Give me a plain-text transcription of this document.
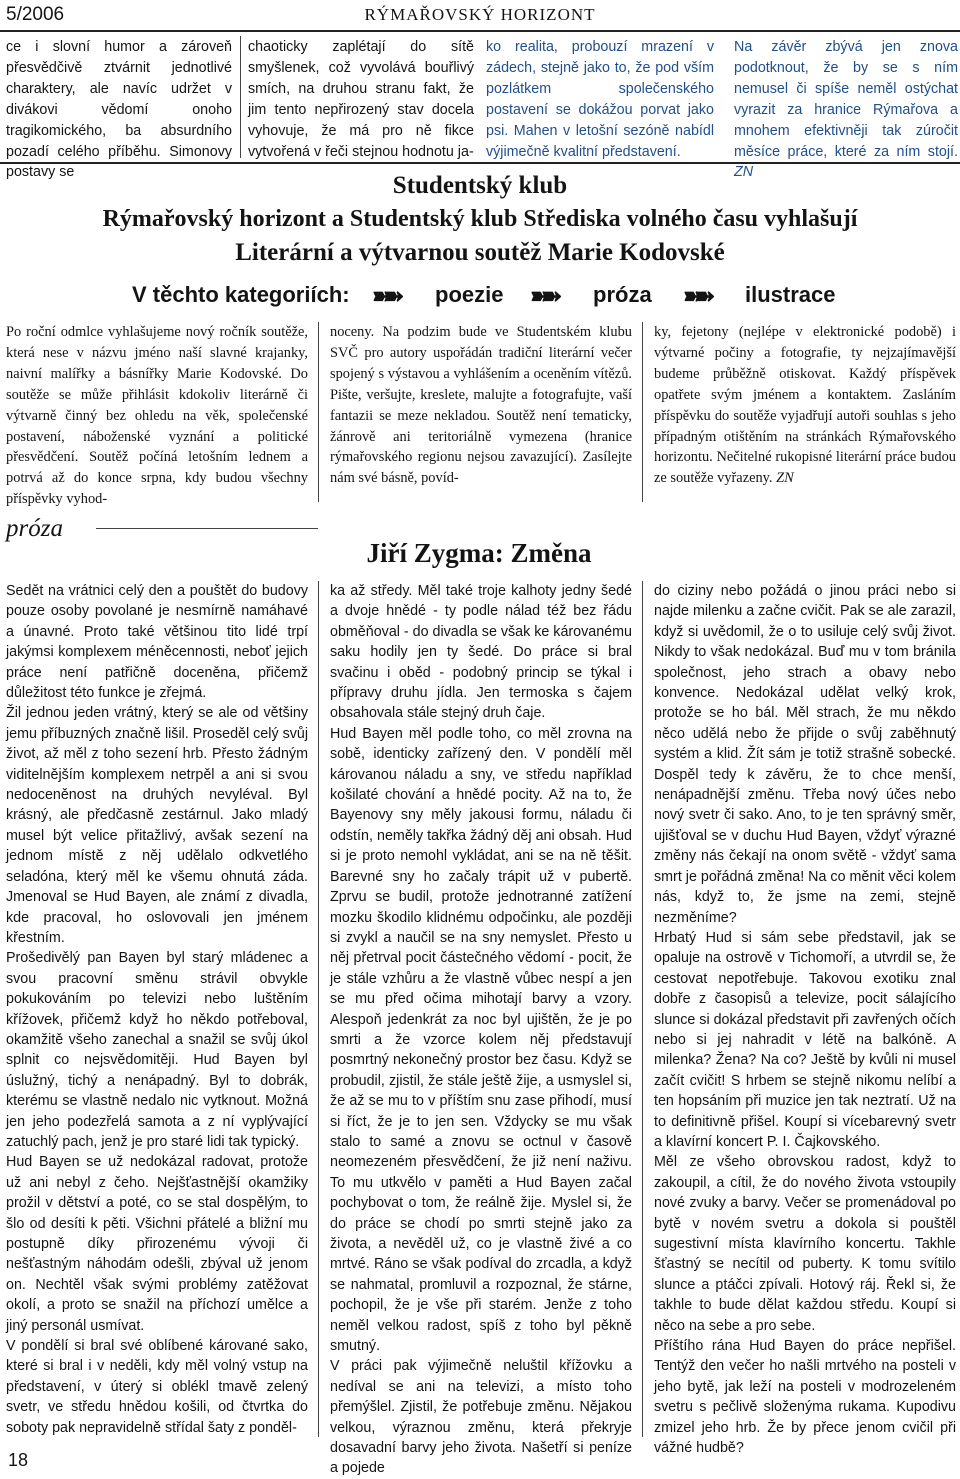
5/2006	RÝMAŘOVSKÝ HORIZONT

ce i slovní humor a zároveň přesvědčivě ztvárnit jednotlivé charaktery, ale navíc udržet v divákovi vědomí onoho tragikomického, ba absurdního pozadí celého příběhu. Simonovy postavy se

chaoticky zaplétají do sítě smyšlenek, což vyvolává bouřlivý smích, na druhou stranu fakt, že jim tento nepřirozený stav docela vyhovuje, že má pro ně fikce vytvořená v řeči stejnou hodnotu ja-

ko realita, probouzí mrazení v zádech, stejně jako to, že pod vším pozlátkem společenského postavení se dokážou porvat jako psi. Mahen v letošní sezóně nabídl výjimečně kvalitní představení.

Na závěr zbývá jen znova podotknout, že by se s ním nemusel či spíše neměl ostýchat vyrazit za hranice Rýmařova a mnohem efektivněji tak zúročit měsíce práce, které za ním stojí. ZN

Studentský klub
Rýmařovský horizont a Studentský klub Střediska volného času vyhlašují
Literární a výtvarnou soutěž Marie Kodovské
V těchto kategoriích: ➽➽ poezie ➽➽ próza ➽➽ ilustrace

Po roční odmlce vyhlašujeme nový ročník soutěže, která nese v názvu jméno naší slavné krajanky, naivní malířky a básnířky Marie Kodovské. Do soutěže se může přihlásit kdokoliv literárně či výtvarně činný bez ohledu na věk, společenské postavení, náboženské vyznání a politické přesvědčení. Soutěž počíná letošním lednem a potrvá až do konce srpna, kdy budou všechny příspěvky vyhod-

noceny. Na podzim bude ve Studentském klubu SVČ pro autory uspořádán tradiční literární večer spojený s výstavou a vyhlášením a oceněním vítězů. Pište, veršujte, kreslete, malujte a fotografujte, vaší fantazii se meze nekladou. Soutěž není tematicky, žánrově ani teritoriálně vymezena (hranice rýmařovského regionu nejsou zavazující). Zasílejte nám své básně, povíd-

ky, fejetony (nejlépe v elektronické podobě) i výtvarné počiny a fotografie, ty nejzajímavější budeme průběžně otiskovat. Každý příspěvek opatřete svým jménem a kontaktem. Zasláním příspěvku do soutěže vyjadřují autoři souhlas s jeho případným otištěním na stránkách Rýmařovského horizontu. Nečitelné rukopisné literární práce budou ze soutěže vyřazeny. ZN

próza
Jiří Zygma: Změna

Sedět na vrátnici celý den a pouštět do budovy pouze osoby povolané je nesmírně namáhavé a únavné. Proto také většinou tito lidé trpí jakýmsi komplexem méněcennosti, neboť jejich práce není patřičně doceněna, přičemž důležitost této funkce je zřejmá.

Žil jednou jeden vrátný, který se ale od většiny jemu příbuzných značně lišil. Proseděl celý svůj život, až měl z toho sezení hrb. Přesto žádným viditelnějším komplexem netrpěl a ani si svou nedoceněnost na druhých nevyléval. Byl krásný, ale předčasně zestárnul. Jako mladý musel být velice přitažlivý, avšak sezení na jednom místě z něj udělalo odkvetlého seladóna, který měl ke všemu ohnutá záda. Jmenoval se Hud Bayen, ale známí z divadla, kde pracoval, ho oslovovali jen jménem křestním.

Prošedivělý pan Bayen byl starý mládenec a svou pracovní směnu strávil obvykle pokukováním po televizi nebo luštěním křížovek, přičemž když ho někdo potřeboval, okamžitě všeho zanechal a snažil se svůj úkol splnit co nejsvědomitěji. Hud Bayen byl úslužný, tichý a nenápadný. Byl to dobrák, kterému se vlastně nedalo nic vytknout. Možná jen jeho podezřelá samota a z ní vyplývající zatuchlý pach, jenž je pro staré lidi tak typický.

Hud Bayen se už nedokázal radovat, protože už ani nebyl z čeho. Nejšťastnější okamžiky prožil v dětství a poté, co se stal dospělým, to šlo od desíti k pěti. Všichni přátelé a bližní mu postupně díky přirozenému vývoji či nešťastným náhodám odešli, zbýval už jenom on. Nechtěl však svými problémy zatěžovat okolí, a proto se snažil na příchozí umělce a jiný personál usmívat.

V pondělí si bral své oblíbené kárované sako, které si bral i v neděli, kdy měl volný vstup na představení, v úterý si oblékl tmavě zelený svetr, ve středu hnědou košili, od čtvrtka do soboty pak nepravidelně střídal šaty z ponděl-

ka až středy. Měl také troje kalhoty jedny šedé a dvoje hnědé - ty podle nálad též bez řádu obměňoval - do divadla se však ke károvanému saku hodily jen ty šedé. Do práce si bral svačinu i oběd - podobný princip se týkal i přípravy druhu jídla. Jen termoska s čajem obsahovala stále stejný druh čaje.

Hud Bayen měl podle toho, co měl zrovna na sobě, identicky zařízený den. V pondělí měl károvanou náladu a sny, ve středu například košilaté chování a hnědé pocity. Až na to, že Bayenovy sny měly jakousi formu, náladu či odstín, neměly takřka žádný děj ani obsah. Hud si je proto nemohl vykládat, ani se na ně těšit. Barevné sny ho začaly trápit už v pubertě. Zprvu se budil, protože jednotranné zatížení mozku škodilo klidnému odpočinku, ale později si zvykl a naučil se na sny nemyslet. Přesto u něj přetrval pocit částečného vědomí - pocit, že je stále vzhůru a že vlastně vůbec nespí a jen se mu před očima mihotají barvy a vzory. Alespoň jedenkrát za noc byl ujištěn, že je po smrti a že vzorce kolem něj představují posmrtný nekonečný prostor bez času. Když se probudil, zjistil, že stále ještě žije, a usmyslel si, že až se mu to v příštím snu zase přihodí, musí si říct, že je to jen sen. Vždycky se mu však stalo to samé a znovu se octnul v časově neomezeném přesvědčení, že již není naživu. To mu utkvělo v paměti a Hud Bayen začal pochybovat o tom, že reálně žije. Myslel si, že do práce se chodí po smrti stejně jako za života, a nevěděl už, co je vlastně živé a co mrtvé. Ráno se však podíval do zrcadla, a když se nahmatal, promluvil a rozpoznal, že stárne, pochopil, že je vše při starém. Jenže z toho neměl velkou radost, spíš z toho byl pěkně smutný.

V práci pak výjimečně neluštil křížovku a nedíval se ani na televizi, a místo toho přemýšlel. Zjistil, že potřebuje změnu. Nějakou velkou, výraznou změnu, která překryje dosavadní barvy jeho života. Našetří si peníze a pojede

do ciziny nebo požádá o jinou práci nebo si najde milenku a začne cvičit. Pak se ale zarazil, když si uvědomil, že o to usiluje celý svůj život. Nikdy to však nedokázal. Buď mu v tom bránila společnost, jeho strach a obavy nebo konvence. Nedokázal udělat velký krok, protože se ho bál. Měl strach, že mu někdo něco udělá nebo že přijde o svůj zaběhnutý systém a klid. Žít sám je totiž strašně sobecké. Dospěl tedy k závěru, že to chce menší, nenápadnější změnu. Třeba nový účes nebo nový svetr či sako. Ano, to je ten správný směr, ujišťoval se v duchu Hud Bayen, vždyť výrazné změny nás čekají na onom světě - vždyť sama smrt je pořádná změna! Na co měnit věci kolem nás, když to, že jsme na zemi, stejně nezměníme?

Hrbatý Hud si sám sebe představil, jak se opaluje na ostrově v Tichomoří, a utvrdil se, že cestovat nepotřebuje. Takovou exotiku znal dobře z časopisů a televize, pocit sálajícího slunce si dokázal představit při zavřených očích nebo si jej nahradit v létě na balkóně. A milenka? Žena? Na co? Ještě by kvůli ni musel začít cvičit! S hrbem se stejně nikomu nelíbí a ten hopsáním při muzice jen tak neztratí. Už na to definitivně přišel. Koupí si vícebarevný svetr a klavírní koncert P. I. Čajkovského.

Měl ze všeho obrovskou radost, když to zakoupil, a cítil, že do nového života vstoupily nové zvuky a barvy. Večer se promenádoval po bytě v novém svetru a dokola si pouštěl sugestivní místa klavírního koncertu. Takhle šťastný se necítil od puberty. K tomu svítilo slunce a ptáčci zpívali. Hotový ráj. Řekl si, že takhle to bude dělat každou středu. Koupí si něco na sebe a pro sebe.

Příštího rána Hud Bayen do práce nepřišel. Tentýž den večer ho našli mrtvého na posteli v jeho bytě, jak leží na posteli v modrozeleném svetru s pečlivě složenýma rukama. Kupodivu zmizel jeho hrb. Že by přece jenom cvičil při vážné hudbě?

18
